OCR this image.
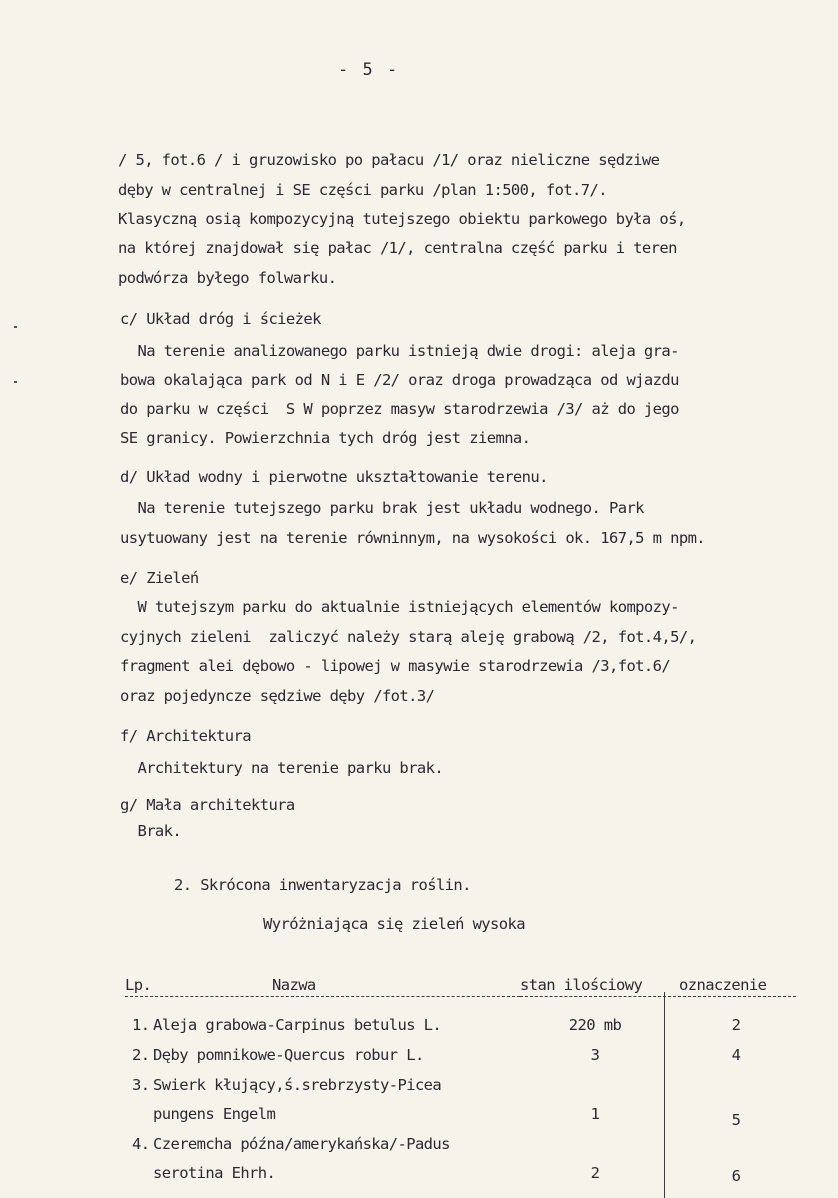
- 5 -
/ 5, fot.6 / i gruzowisko po pałacu /1/ oraz nieliczne sędziwe
dęby w centralnej i SE części parku /plan 1:500, fot.7/.
Klasyczną osią kompozycyjną tutejszego obiektu parkowego była oś,
na której znajdował się pałac /1/, centralna część parku i teren
podwórza byłego folwarku.
c/ Układ dróg i ścieżek
Na terenie analizowanego parku istnieją dwie drogi: aleja gra-
bowa okalająca park od N i E /2/ oraz droga prowadząca od wjazdu
do parku w części  S W poprzez masyw starodrzewia /3/ aż do jego
SE granicy. Powierzchnia tych dróg jest ziemna.
d/ Układ wodny i pierwotne ukształtowanie terenu.
Na terenie tutejszego parku brak jest układu wodnego. Park
usytuowany jest na terenie równinnym, na wysokości ok. 167,5 m npm.
e/ Zieleń
W tutejszym parku do aktualnie istniejących elementów kompozy-
cyjnych zieleni  zaliczyć należy starą aleję grabową /2, fot.4,5/,
fragment alei dębowo - lipowej w masywie starodrzewia /3,fot.6/
oraz pojedyncze sędziwe dęby /fot.3/
f/ Architektura
Architektury na terenie parku brak.
g/ Mała architektura
Brak.
2. Skrócona inwentaryzacja roślin.
Wyróżniająca się zieleń wysoka
Lp.	Nazwa	stan ilościowy oznaczenie
1. Aleja grabowa-Carpinus betulus L.	220 mb	2
2. Dęby pomnikowe-Quercus robur L.	3	4
3. Swierk kłujący,ś.srebrzysty-Picea
pungens Engelm	1	5
4. Czeremcha późna/amerykańska/-Padus
serotina Ehrh.	2	6
